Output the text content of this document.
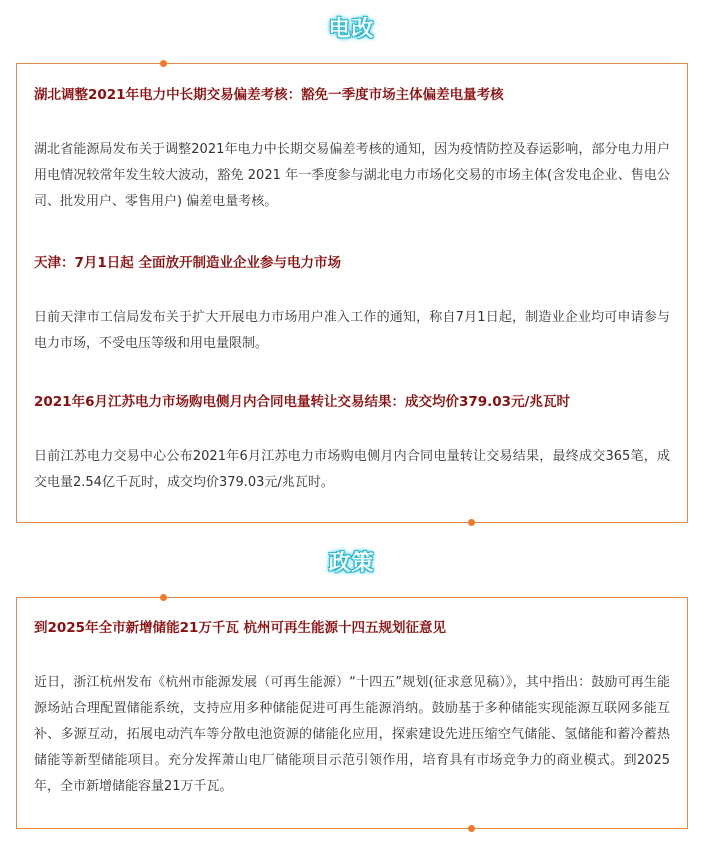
电改

湖北调整2021年电力中长期交易偏差考核：豁免一季度市场主体偏差电量考核

湖北省能源局发布关于调整2021年电力中长期交易偏差考核的通知，因为疫情防控及春运影响，部分电力用户用电情况较常年发生较大波动，豁免 2021 年一季度参与湖北电力市场化交易的市场主体(含发电企业、售电公司、批发用户、零售用户) 偏差电量考核。

天津：7月1日起 全面放开制造业企业参与电力市场

日前天津市工信局发布关于扩大开展电力市场用户准入工作的通知，称自7月1日起，制造业企业均可申请参与电力市场，不受电压等级和用电量限制。

2021年6月江苏电力市场购电侧月内合同电量转让交易结果：成交均价379.03元/兆瓦时

日前江苏电力交易中心公布2021年6月江苏电力市场购电侧月内合同电量转让交易结果，最终成交365笔，成交电量2.54亿千瓦时，成交均价379.03元/兆瓦时。

政策

到2025年全市新增储能21万千瓦 杭州可再生能源十四五规划征意见

近日，浙江杭州发布《杭州市能源发展（可再生能源）“十四五”规划(征求意见稿）》，其中指出：鼓励可再生能源场站合理配置储能系统，支持应用多种储能促进可再生能源消纳。鼓励基于多种储能实现能源互联网多能互补、多源互动，拓展电动汽车等分散电池资源的储能化应用，探索建设先进压缩空气储能、氢储能和蓄冷蓄热储能等新型储能项目。充分发挥萧山电厂储能项目示范引领作用，培育具有市场竞争力的商业模式。到2025年，全市新增储能容量21万千瓦。
